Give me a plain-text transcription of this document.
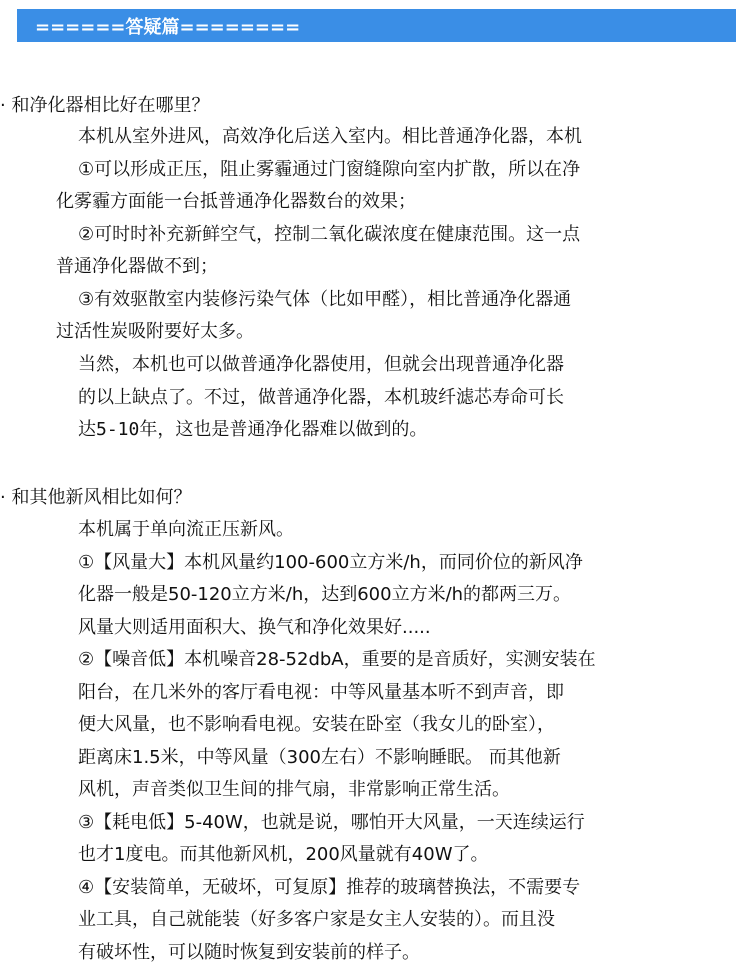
======答疑篇========
· 和净化器相比好在哪里？
本机从室外进风，高效净化后送入室内。相比普通净化器，本机
①可以形成正压，阻止雾霾通过门窗缝隙向室内扩散，所以在净
化雾霾方面能一台抵普通净化器数台的效果；
②可时时补充新鲜空气，控制二氧化碳浓度在健康范围。这一点
普通净化器做不到；
③有效驱散室内装修污染气体（比如甲醛），相比普通净化器通
过活性炭吸附要好太多。
当然，本机也可以做普通净化器使用，但就会出现普通净化器
的以上缺点了。不过，做普通净化器，本机玻纤滤芯寿命可长
达5-10年，这也是普通净化器难以做到的。
· 和其他新风相比如何？
本机属于单向流正压新风。
①【风量大】本机风量约100-600立方米/h，而同价位的新风净
化器一般是50-120立方米/h，达到600立方米/h的都两三万。
风量大则适用面积大、换气和净化效果好.....
②【噪音低】本机噪音28-52dbA，重要的是音质好，实测安装在
阳台，在几米外的客厅看电视：中等风量基本听不到声音，即
便大风量，也不影响看电视。安装在卧室（我女儿的卧室），
距离床1.5米，中等风量（300左右）不影响睡眠。 而其他新
风机，声音类似卫生间的排气扇，非常影响正常生活。
③【耗电低】5-40W，也就是说，哪怕开大风量，一天连续运行
也才1度电。而其他新风机，200风量就有40W了。
④【安装简单，无破坏，可复原】推荐的玻璃替换法，不需要专
业工具，自己就能装（好多客户家是女主人安装的）。而且没
有破坏性，可以随时恢复到安装前的样子。
